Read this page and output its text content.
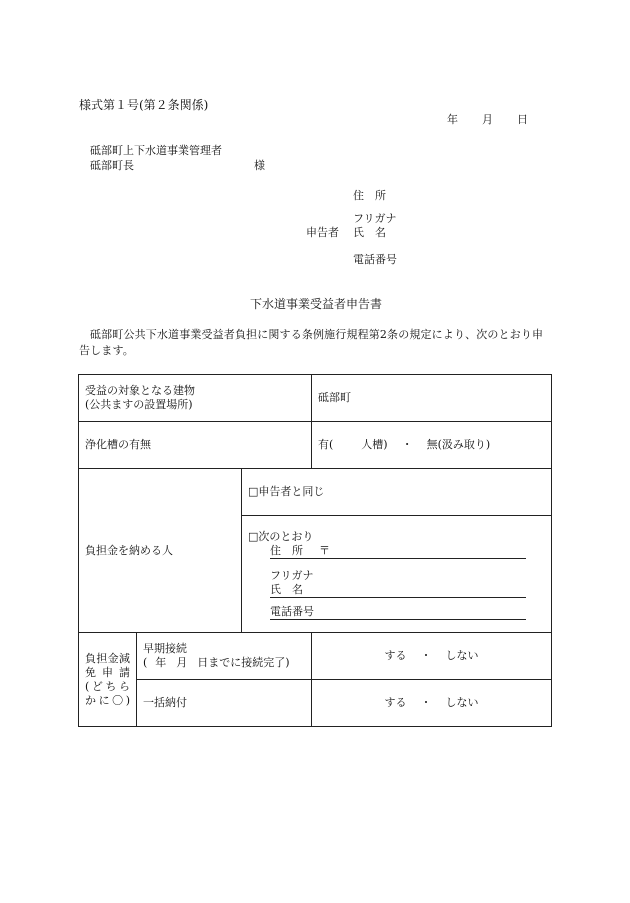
様式第１号(第２条関係)
年 月 日
砥部町上下水道事業管理者
砥部町長	様
住　所
フリガナ
申告者 氏　名
電話番号
下水道事業受益者申告書
砥部町公共下水道事業受益者負担に関する条例施行規程第2条の規定により、次のとおり申告します。
受益の対象となる建物
(公共ますの設置場所)			砥部町
浄化槽の有無			有( 人槽) ・ 無(汲み取り)
負担金を納める人		□申告者と同じ	

		□次のとおり
住　所 〒
フリガナ
氏　名
電話番号	

負担金減免申請(どちらかに〇)	早期接続
( 年 月 日までに接続完了)		する ・ しない
	一括納付		する ・ しない
